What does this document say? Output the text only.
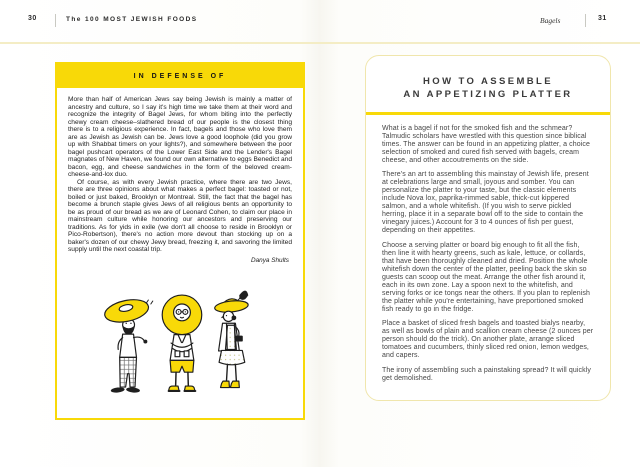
30	The 100 MOST JEWISH FOODS	Bagels	31
IN DEFENSE OF

More than half of American Jews say being Jewish is mainly a matter of ancestry and culture, so I say it's high time we take them at their word and recognize the integrity of Bagel Jews, for whom biting into the perfectly chewy cream cheese–slathered bread of our people is the closest thing there is to a religious experience. In fact, bagels and those who love them are as Jewish as Jewish can be. Jews love a good loophole (did you grow up with Shabbat timers on your lights?), and somewhere between the poor bagel pushcart operators of the Lower East Side and the Lender's Bagel magnates of New Haven, we found our own alternative to eggs Benedict and bacon, egg, and cheese sandwiches in the form of the beloved cream-cheese-and-lox duo.

Of course, as with every Jewish practice, where there are two Jews, there are three opinions about what makes a perfect bagel: toasted or not, boiled or just baked, Brooklyn or Montreal. Still, the fact that the bagel has become a brunch staple gives Jews of all religious bents an opportunity to be as proud of our bread as we are of Leonard Cohen, to claim our place in mainstream culture while honoring our ancestors and preserving our traditions. As for yids in exile (we don't all choose to reside in Brooklyn or Pico-Robertson), there's no action more devout than stocking up on a baker's dozen of our chewy Jewy bread, freezing it, and savoring the limited supply until the next coastal trip.

Danya Shults
HOW TO ASSEMBLE
AN APPETIZING PLATTER

What is a bagel if not for the smoked fish and the schmear? Talmudic scholars have wrestled with this question since biblical times. The answer can be found in an appetizing platter, a choice selection of smoked and cured fish served with bagels, cream cheese, and other accoutrements on the side.

There's an art to assembling this mainstay of Jewish life, present at celebrations large and small, joyous and somber. You can personalize the platter to your taste, but the classic elements include Nova lox, paprika-rimmed sable, thick-cut kippered salmon, and a whole whitefish. (If you wish to serve pickled herring, place it in a separate bowl off to the side to contain the vinegary juices.) Account for 3 to 4 ounces of fish per guest, depending on their appetites.

Choose a serving platter or board big enough to fit all the fish, then line it with hearty greens, such as kale, lettuce, or collards, that have been thoroughly cleaned and dried. Position the whole whitefish down the center of the platter, peeling back the skin so guests can scoop out the meat. Arrange the other fish around it, each in its own zone. Lay a spoon next to the whitefish, and serving forks or ice tongs near the others. If you plan to replenish the platter while you're entertaining, have preportioned smoked fish ready to go in the fridge.

Place a basket of sliced fresh bagels and toasted bialys nearby, as well as bowls of plain and scallion cream cheese (2 ounces per person should do the trick). On another plate, arrange sliced tomatoes and cucumbers, thinly sliced red onion, lemon wedges, and capers.

The irony of assembling such a painstaking spread? It will quickly get demolished.
